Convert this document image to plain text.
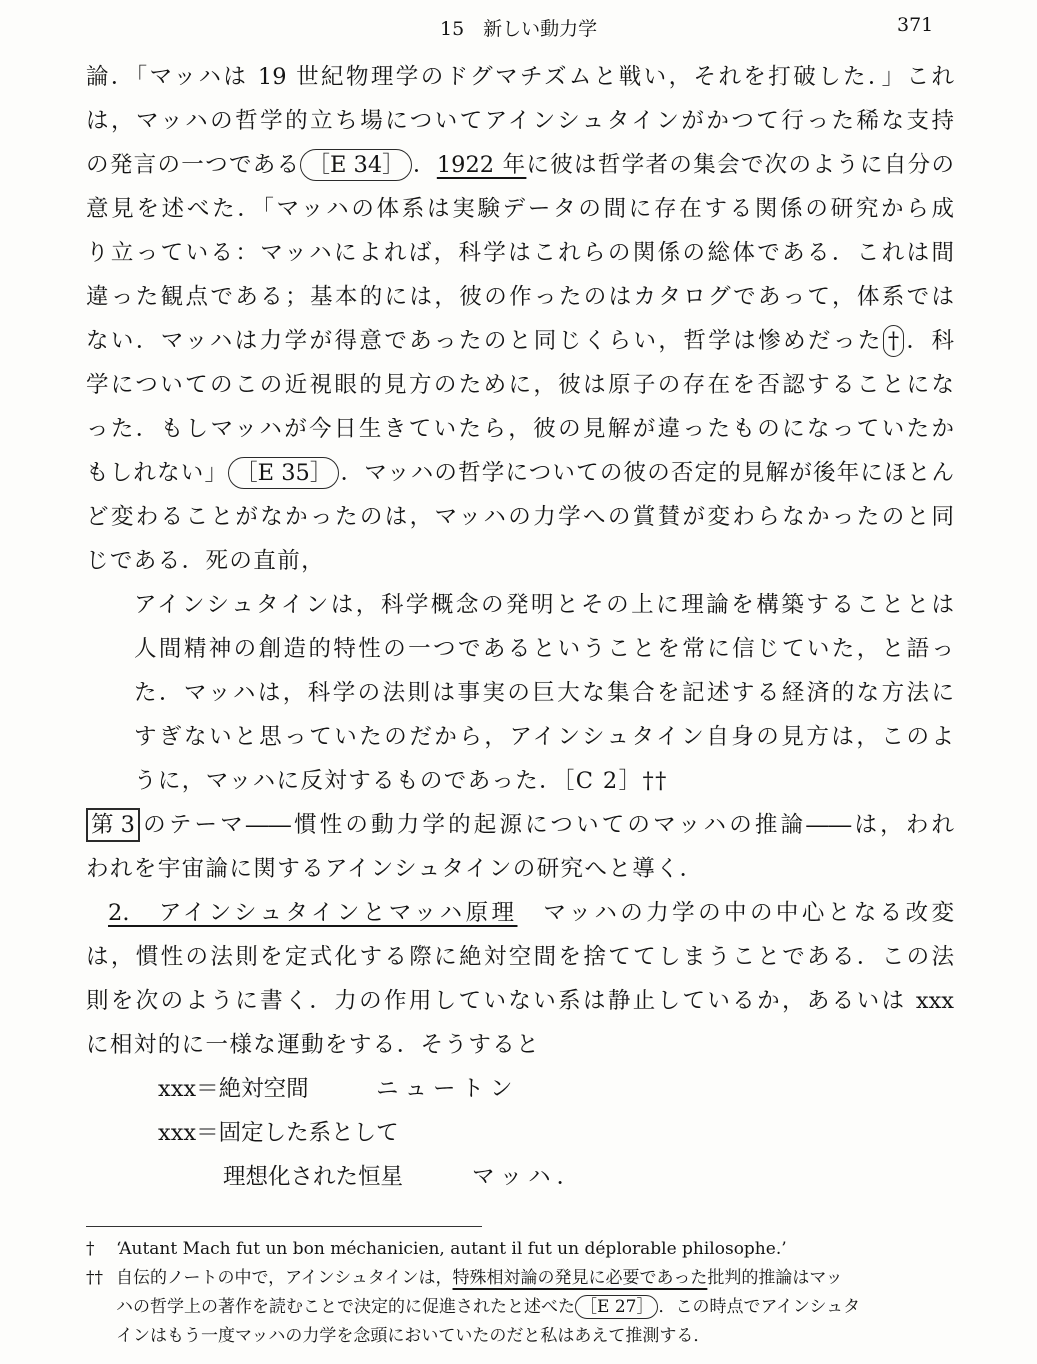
15　新しい動力学	371
論．「マッハは 19 世紀物理学のドグマチズムと戦い，それを打破した．」これ
は，マッハの哲学的立ち場についてアインシュタインがかつて行った稀な支持
の発言の一つである ［E 34］ ．1922 年に彼は哲学者の集会で次のように自分の
意見を述べた．「マッハの体系は実験データの間に存在する関係の研究から成
り立っている：マッハによれば，科学はこれらの関係の総体である．これは間
違った観点である；基本的には，彼の作ったのはカタログであって，体系では
ない．マッハは力学が得意であったのと同じくらい，哲学は惨めだった † ．科
学についてのこの近視眼的見方のために，彼は原子の存在を否認することにな
った．もしマッハが今日生きていたら，彼の見解が違ったものになっていたか
もしれない」 ［E 35］ ．マッハの哲学についての彼の否定的見解が後年にほとん
ど変わることがなかったのは，マッハの力学への賞賛が変わらなかったのと同
じである．死の直前，
アインシュタインは，科学概念の発明とその上に理論を構築することとは
人間精神の創造的特性の一つであるということを常に信じていた，と語っ
た．マッハは，科学の法則は事実の巨大な集合を記述する経済的な方法に
すぎないと思っていたのだから，アインシュタイン自身の見方は，このよ
うに，マッハに反対するものであった．［C 2］††
第 3 のテーマ――慣性の動力学的起源についてのマッハの推論――は，われ
われを宇宙論に関するアインシュタインの研究へと導く．
2.　アインシュタインとマッハ原理　マッハの力学の中の中心となる改変
は，慣性の法則を定式化する際に絶対空間を捨ててしまうことである．この法
則を次のように書く．力の作用していない系は静止しているか，あるいは xxx
に相対的に一様な運動をする．そうすると
xxx＝絶対空間	ニュートン
xxx＝固定した系として
理想化された恒星	マッハ．
† ‘Autant Mach fut un bon méchanicien, autant il fut un déplorable philosophe.’
†† 自伝的ノートの中で，アインシュタインは，特殊相対論の発見に必要であった批判的推論はマッ
ハの哲学上の著作を読むことで決定的に促進されたと述べた ［E 27］ ．この時点でアインシュタ
インはもう一度マッハの力学を念頭においていたのだと私はあえて推測する．
